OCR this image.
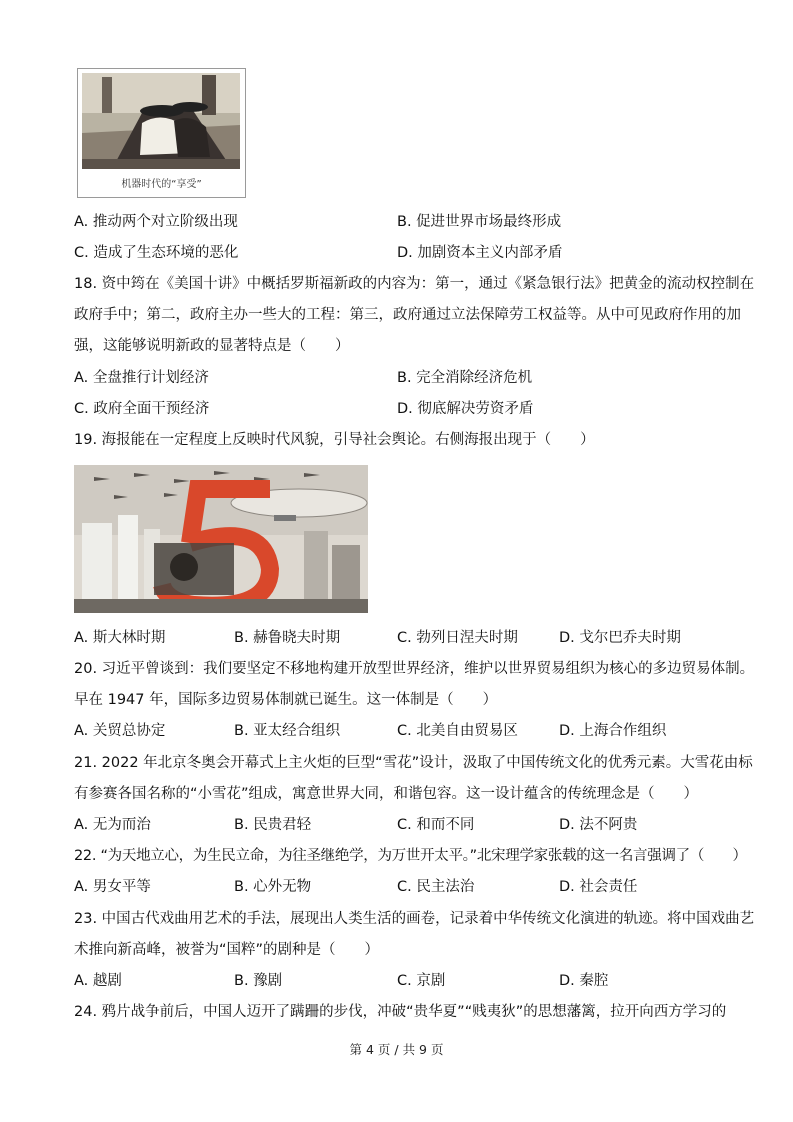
机器时代的“享受”
A. 推动两个对立阶级出现	B. 促进世界市场最终形成
C. 造成了生态环境的恶化	D. 加剧资本主义内部矛盾
18. 资中筠在《美国十讲》中概括罗斯福新政的内容为：第一，通过《紧急银行法》把黄金的流动权控制在
政府手中；第二，政府主办一些大的工程：第三，政府通过立法保障劳工权益等。从中可见政府作用的加
强，这能够说明新政的显著特点是（　　）
A. 全盘推行计划经济	B. 完全消除经济危机
C. 政府全面干预经济	D. 彻底解决劳资矛盾
19. 海报能在一定程度上反映时代风貌，引导社会舆论。右侧海报出现于（　　）
5
A. 斯大林时期	B. 赫鲁晓夫时期	C. 勃列日涅夫时期	D. 戈尔巴乔夫时期
20. 习近平曾谈到：我们要坚定不移地构建开放型世界经济，维护以世界贸易组织为核心的多边贸易体制。
早在 1947 年，国际多边贸易体制就已诞生。这一体制是（　　）
A. 关贸总协定	B. 亚太经合组织	C. 北美自由贸易区	D. 上海合作组织
21. 2022 年北京冬奥会开幕式上主火炬的巨型“雪花”设计，汲取了中国传统文化的优秀元素。大雪花由标
有参赛各国名称的“小雪花”组成，寓意世界大同，和谐包容。这一设计蕴含的传统理念是（　　）
A. 无为而治	B. 民贵君轻	C. 和而不同	D. 法不阿贵
22. “为天地立心，为生民立命，为往圣继绝学，为万世开太平。”北宋理学家张载的这一名言强调了（　　）
A. 男女平等	B. 心外无物	C. 民主法治	D. 社会责任
23. 中国古代戏曲用艺术的手法，展现出人类生活的画卷，记录着中华传统文化演进的轨迹。将中国戏曲艺
术推向新高峰，被誉为“国粹”的剧种是（　　）
A. 越剧	B. 豫剧	C. 京剧	D. 秦腔
24. 鸦片战争前后，中国人迈开了蹒跚的步伐，冲破“贵华夏”“贱夷狄”的思想藩篱，拉开向西方学习的
第 4 页 / 共 9 页
